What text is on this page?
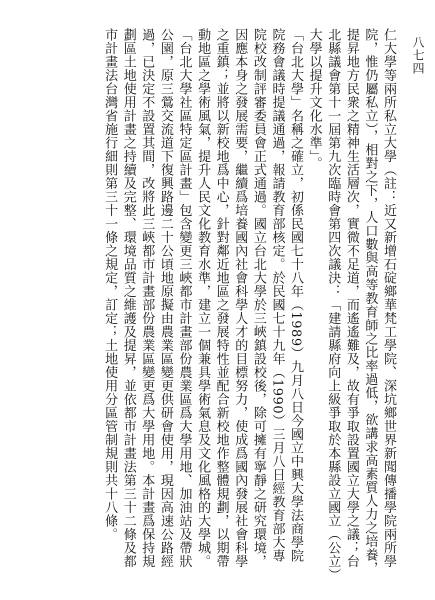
仁大學等兩所私立大學（註：近又新增石碇鄉華梵工學院、深坑鄉世界新聞傳播學院兩所學院，惟仍屬私立），相對之下，人口數與高等教育師之比率過低，欲講求高素質人力之培養，提昇地方民衆之精神生活層次，實微不足道，而遙遙難及，故有爭取設置國立大學之議；台北縣議會第十一屆第九次臨時會第四次議決：「建請縣府向上級爭取於本縣設立國立（公立）大學以提升文化水準」。

「台北大學」名稱之確立，初係民國七十八年（1989）九月八日今國立中興大學法商學院院務會議時提議通過，報請教育部核定。於民國七十九年（1990）三月八日經教育部大專院校改制評審委員會正式通過。國立台北大學於三峽鎮設校後，除可擁有寧靜之研究環境，因應本身之發展需要，繼續爲培養國內社會科學人才的目標努力，使成爲國內發展社會科學之重鎮；並將以新校地爲中心，針對鄰近地區之發展特性並配合新校地作整體規劃，以期帶動地區之學術風氣，提升人民文化教育水準，建立一個兼具學術氣息及文化風格的大學城。

「台北大學社區特定區計畫」包含變更三峽都市計畫部份農業區爲大學用地、加油站及帶狀公園，原三鶯交流道下復興路邊二十公頃地原擬由農業區變更供研會使用，現因高速公路經過，已決定不設置其間，改將此三峽都市計畫部份農業區變更爲大學用地。本計畫爲保持規劃區土地使用計畫之持續及完整、環境品質之維護及提昇，並依都市計畫法第三十二條及都市計畫法台灣省施行細則第三十一條之規定，訂定；土地使用分區管制規則共十八條。	八七四
